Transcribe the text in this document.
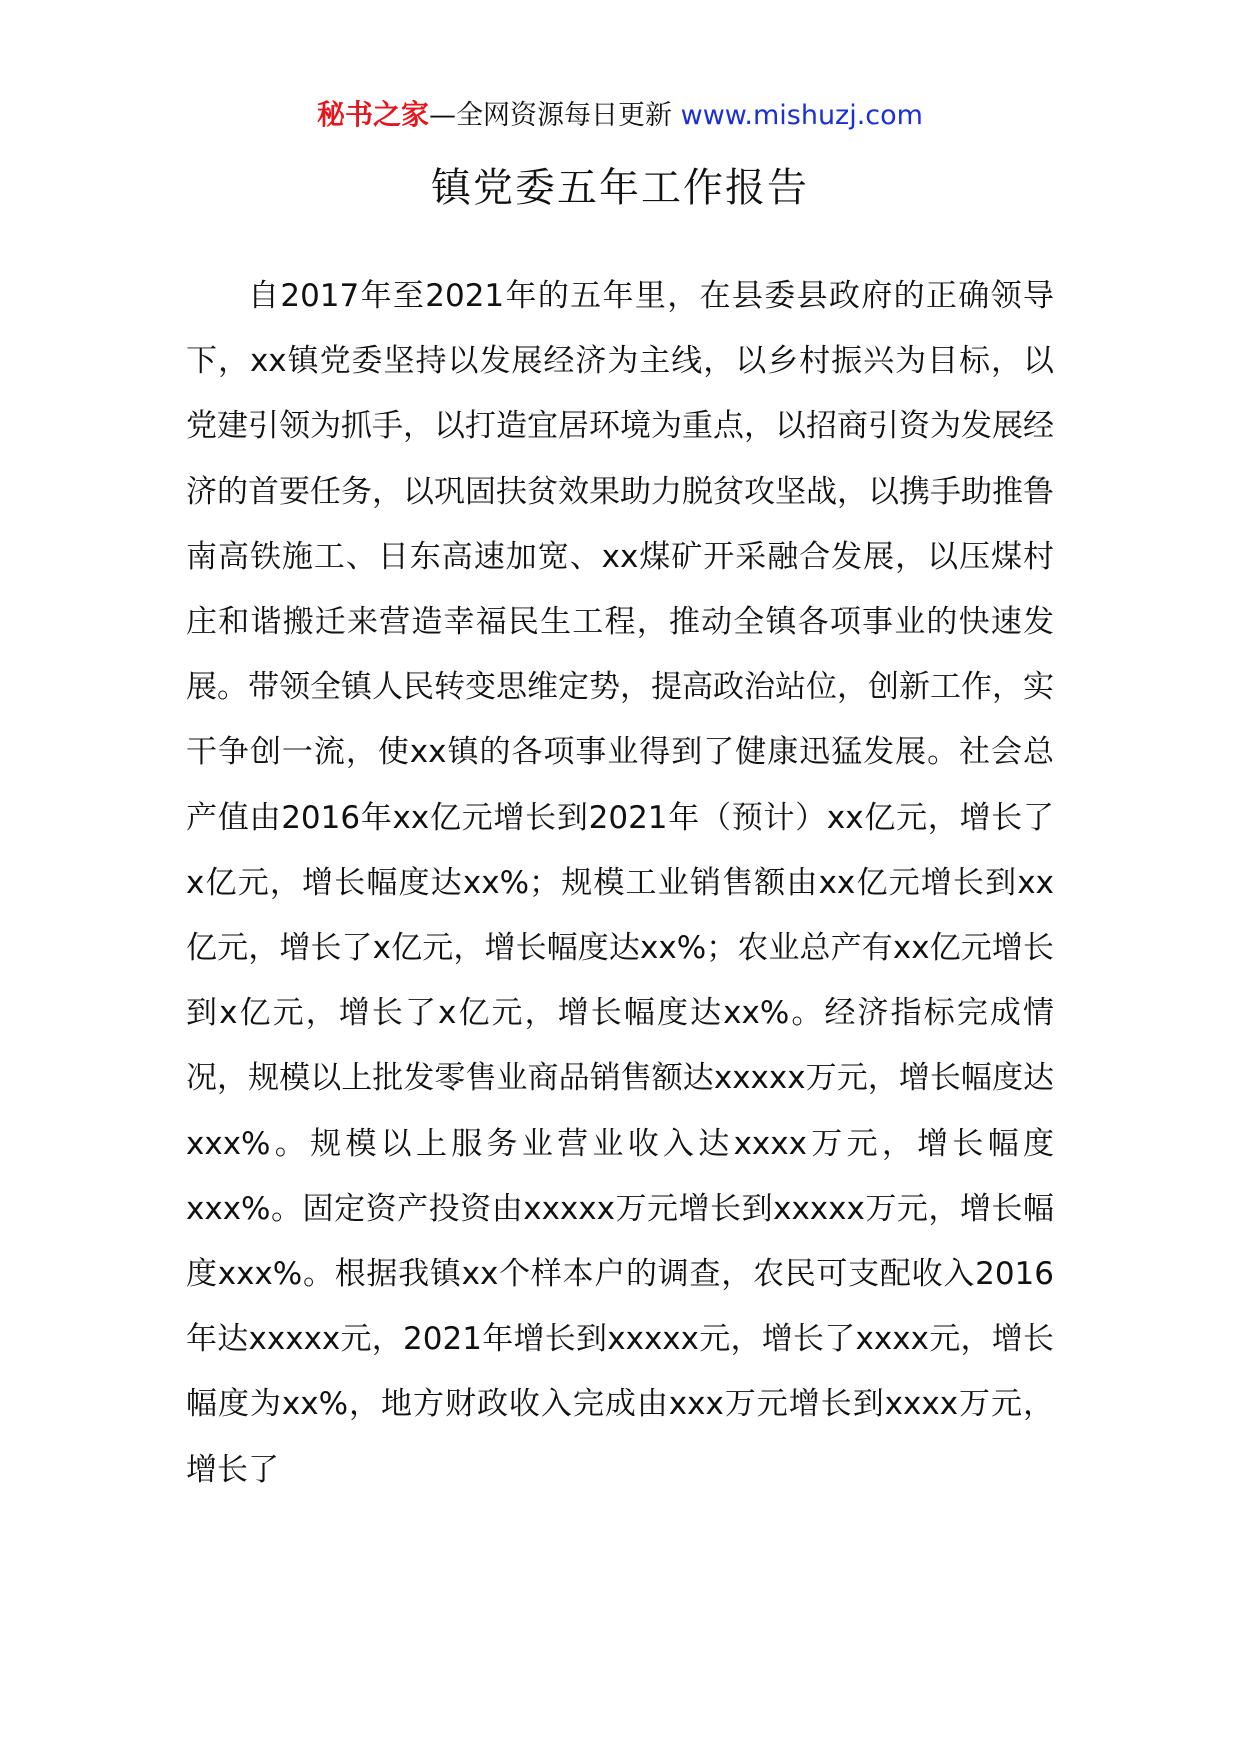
秘书之家—全网资源每日更新 www.mishuzj.com
镇党委五年工作报告

自2017年至2021年的五年里，在县委县政府的正确领导下，xx镇党委坚持以发展经济为主线，以乡村振兴为目标，以党建引领为抓手，以打造宜居环境为重点，以招商引资为发展经济的首要任务，以巩固扶贫效果助力脱贫攻坚战，以携手助推鲁南高铁施工、日东高速加宽、xx煤矿开采融合发展，以压煤村庄和谐搬迁来营造幸福民生工程，推动全镇各项事业的快速发展。带领全镇人民转变思维定势，提高政治站位，创新工作，实干争创一流，使xx镇的各项事业得到了健康迅猛发展。社会总产值由2016年xx亿元增长到2021年（预计）xx亿元，增长了x亿元，增长幅度达xx%；规模工业销售额由xx亿元增长到xx亿元，增长了x亿元，增长幅度达xx%；农业总产有xx亿元增长到x亿元，增长了x亿元，增长幅度达xx%。经济指标完成情况，规模以上批发零售业商品销售额达xxxxx万元，增长幅度达xxx%。规模以上服务业营业收入达xxxx万元，增长幅度xxx%。固定资产投资由xxxxx万元增长到xxxxx万元，增长幅度xxx%。根据我镇xx个样本户的调查，农民可支配收入2016年达xxxxx元，2021年增长到xxxxx元，增长了xxxx元，增长幅度为xx%，地方财政收入完成由xxx万元增长到xxxx万元，增长了
